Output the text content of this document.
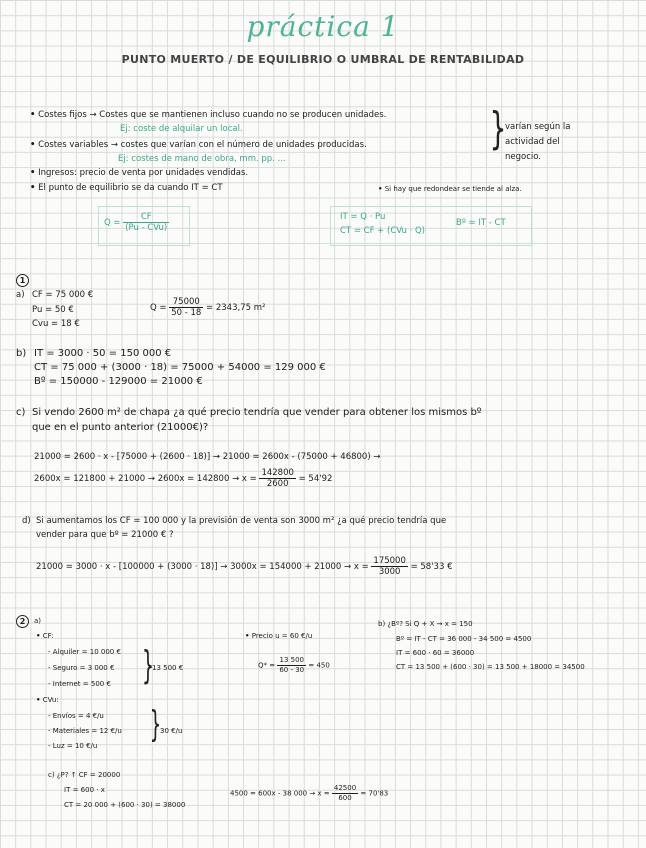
práctica 1
PUNTO MUERTO / DE EQUILIBRIO O UMBRAL DE RENTABILIDAD
• Costes fijos → Costes que se mantienen incluso cuando no se producen unidades.
Ej: coste de alquilar un local.
• Costes variables → costes que varían con el número de unidades producidas.
Ej: costes de mano de obra, mm. pp. ...
}
varían según la
actividad del
negocio.
• Ingresos: precio de venta por unidades vendidas.
• El punto de equilibrio se da cuando IT = CT	• Si hay que redondear se tiende al alza.
$Q = \frac{CF}{\text{(Pu - CVu)}}$	IT = Q · Pu
CT = CF + (CVu · Q)
Bº = IT - CT
1
a) CF = 75 000 €
Pu = 50 €
Cvu = 18 €
$Q = \frac{75000}{50 - 18} = 2343,75$ m²
b) IT = 3000 · 50 = 150 000 €
CT = 75 000 + (3000 · 18) = 75000 + 54000 = 129 000 €
Bº = 150000 - 129000 = 21000 €
c) Si vendo 2600 m² de chapa ¿a qué precio tendría que vender para obtener los mismos bº
que en el punto anterior (21000€)?
21000 = 2600 · x - [75000 + (2600 · 18)] → 21000 = 2600x - (75000 + 46800) →
$2600x = 121800 + 21000 \to 2600x = 142800 \to x = \frac{142800}{2600} = 54'92$
d) Si aumentamos los CF = 100 000 y la previsión de venta son 3000 m² ¿a qué precio tendría que
vender para que bº = 21000 € ?
$21000 = 3000 \cdot x - [100000 + (3000 \cdot 18)] \to 3000x = 154000 + 21000 \to x = \frac{175000}{3000} = 58'33$ €
2	a)
• CF:
- Alquiler = 10 000 €
- Seguro = 3 000 €
- Internet = 500 € }
13 500 €
• CVu:
- Envíos = 4 €/u
- Materiales = 12 €/u
- Luz = 10 €/u
}
30 €/u
• Precio u = 60 €/u
$Q* = \frac{13 500}{60 - 30} = 450$
b) ¿Bº? Si Q + X → x = 150
Bº = IT - CT = 36 000 - 34 500 = 4500
IT = 600 · 60 = 36000
CT = 13 500 + (600 · 30) = 13 500 + 18000 = 34500
c) ¿P? ↑ CF = 20000
IT = 600 · x
CT = 20 000 + (600 · 30) = 38000
4500 = 600x - 38 $000 \to x = \frac{42500}{600} = 70'83$
